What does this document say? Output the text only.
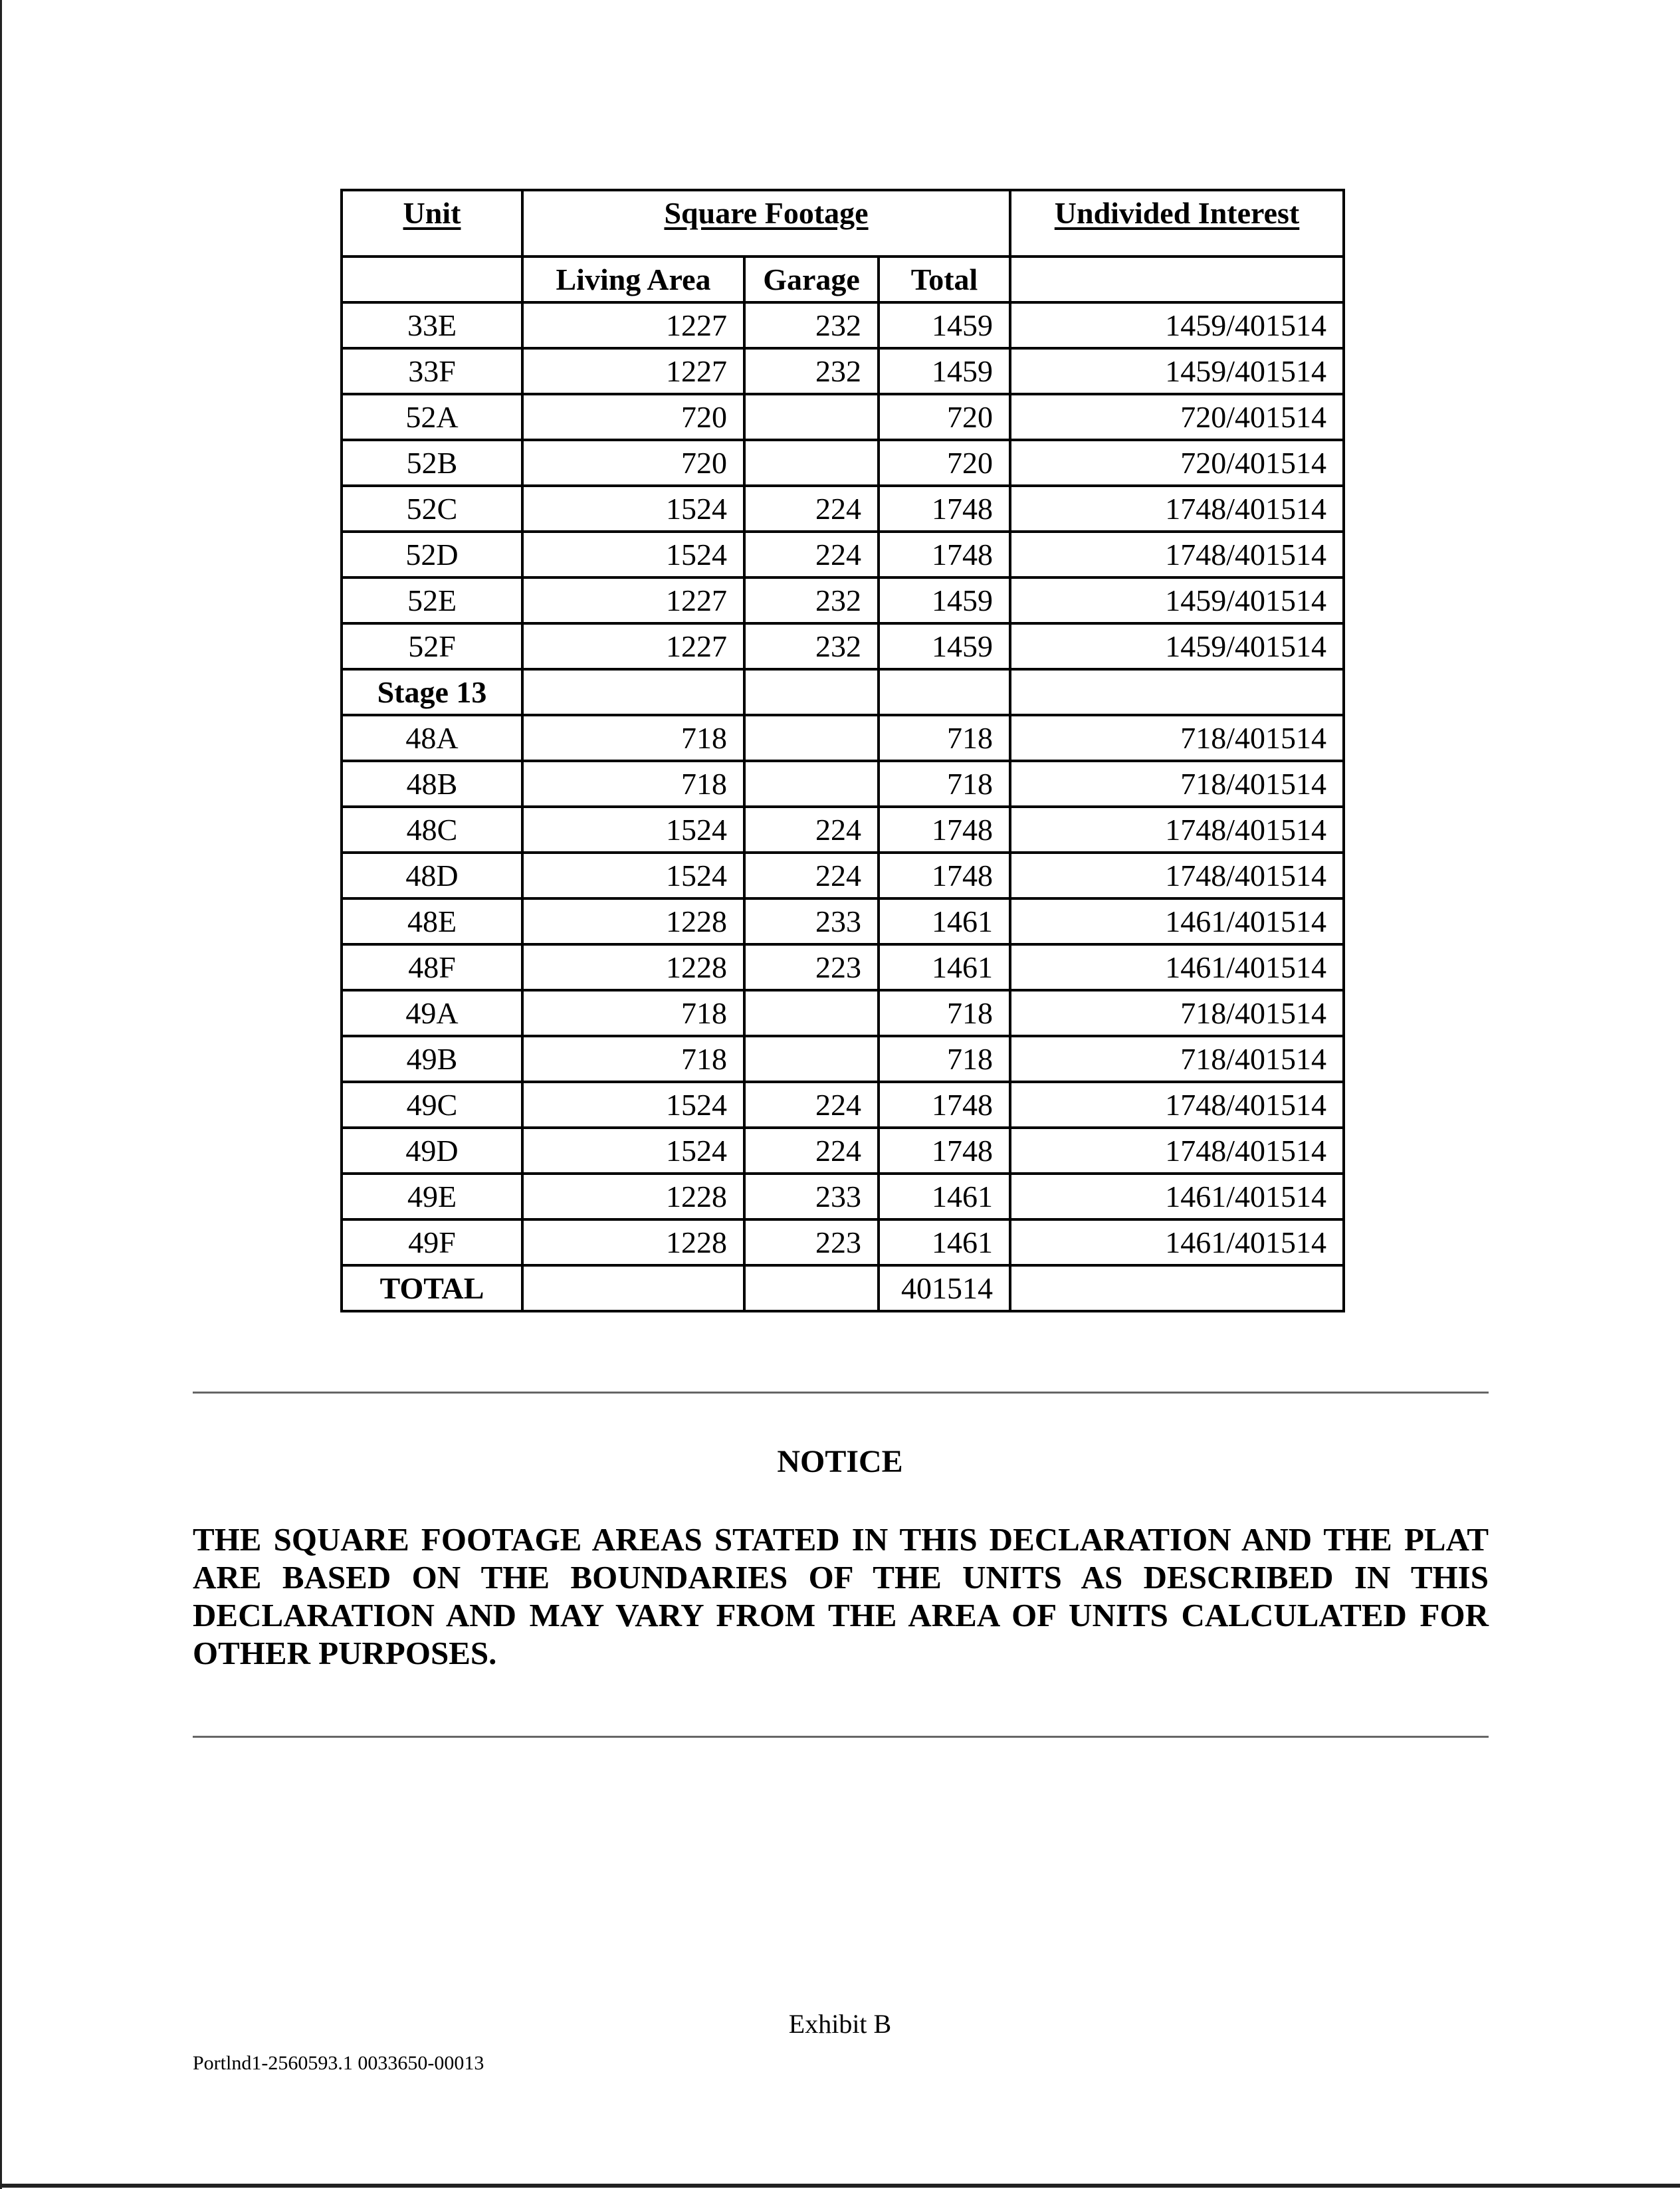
Unit	Square Footage			Undivided Interest
	Living Area	Garage	Total	
33E	1227	232	1459	1459/401514
33F	1227	232	1459	1459/401514
52A	720		720	720/401514
52B	720		720	720/401514
52C	1524	224	1748	1748/401514
52D	1524	224	1748	1748/401514
52E	1227	232	1459	1459/401514
52F	1227	232	1459	1459/401514
Stage 13				
48A	718		718	718/401514
48B	718		718	718/401514
48C	1524	224	1748	1748/401514
48D	1524	224	1748	1748/401514
48E	1228	233	1461	1461/401514
48F	1228	223	1461	1461/401514
49A	718		718	718/401514
49B	718		718	718/401514
49C	1524	224	1748	1748/401514
49D	1524	224	1748	1748/401514
49E	1228	233	1461	1461/401514
49F	1228	223	1461	1461/401514
TOTAL			401514	
NOTICE
THE SQUARE FOOTAGE AREAS STATED IN THIS DECLARATION AND THE PLAT ARE BASED ON THE BOUNDARIES OF THE UNITS AS DESCRIBED IN THIS DECLARATION AND MAY VARY FROM THE AREA OF UNITS CALCULATED FOR OTHER PURPOSES.
Exhibit B
Portlnd1-2560593.1 0033650-00013
